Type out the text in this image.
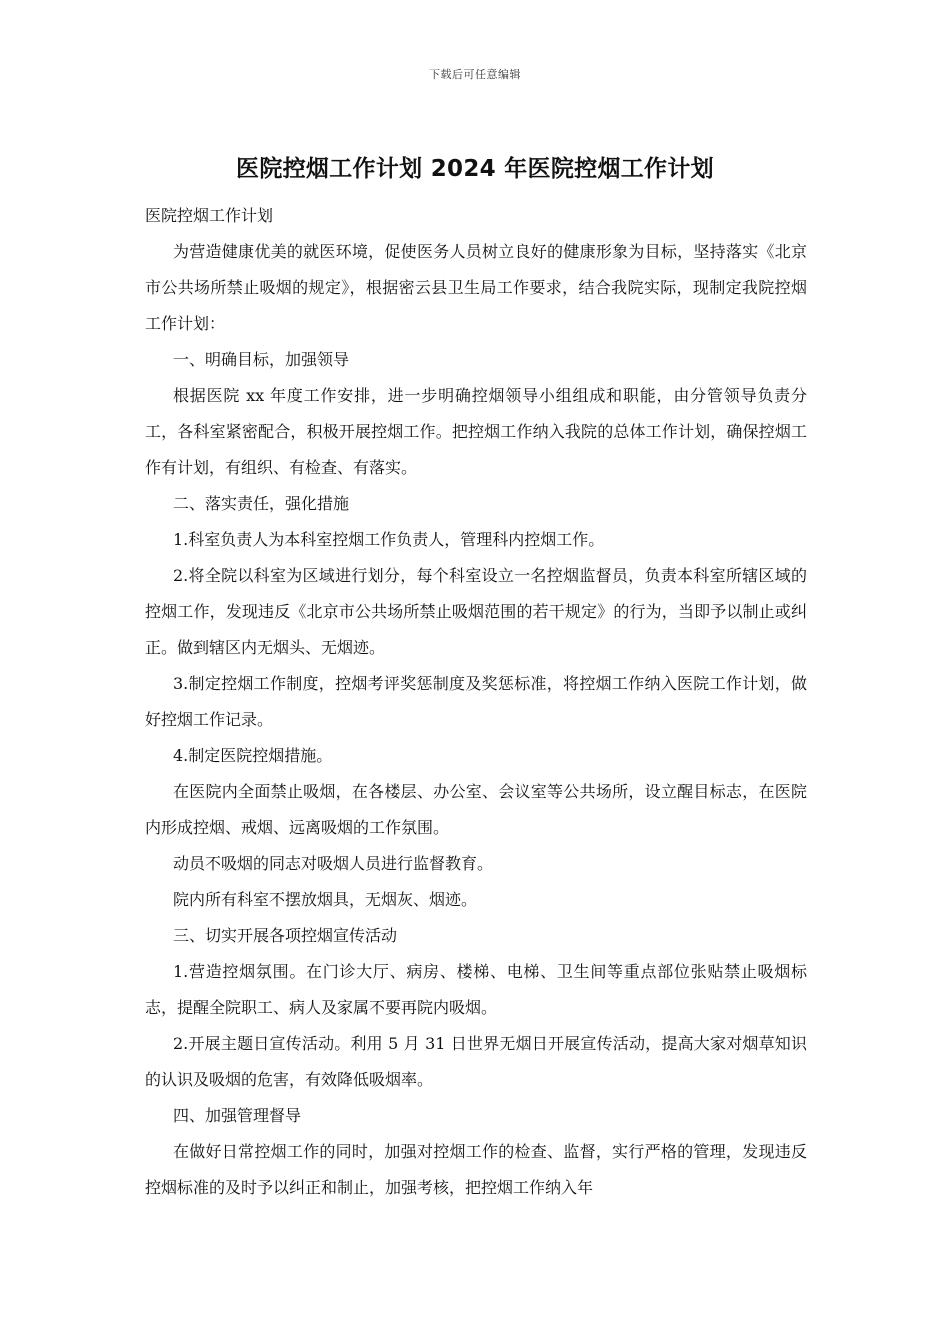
下载后可任意编辑
医院控烟工作计划 2024 年医院控烟工作计划

医院控烟工作计划

为营造健康优美的就医环境，促使医务人员树立良好的健康形象为目标，坚持落实《北京市公共场所禁止吸烟的规定》，根据密云县卫生局工作要求，结合我院实际，现制定我院控烟工作计划：

一、明确目标，加强领导

根据医院 xx 年度工作安排，进一步明确控烟领导小组组成和职能，由分管领导负责分工，各科室紧密配合，积极开展控烟工作。把控烟工作纳入我院的总体工作计划，确保控烟工作有计划，有组织、有检查、有落实。

二、落实责任，强化措施

1.科室负责人为本科室控烟工作负责人，管理科内控烟工作。

2.将全院以科室为区域进行划分，每个科室设立一名控烟监督员，负责本科室所辖区域的控烟工作，发现违反《北京市公共场所禁止吸烟范围的若干规定》的行为，当即予以制止或纠正。做到辖区内无烟头、无烟迹。

3.制定控烟工作制度，控烟考评奖惩制度及奖惩标准，将控烟工作纳入医院工作计划，做好控烟工作记录。

4.制定医院控烟措施。

在医院内全面禁止吸烟，在各楼层、办公室、会议室等公共场所，设立醒目标志，在医院内形成控烟、戒烟、远离吸烟的工作氛围。

动员不吸烟的同志对吸烟人员进行监督教育。

院内所有科室不摆放烟具，无烟灰、烟迹。

三、切实开展各项控烟宣传活动

1.营造控烟氛围。在门诊大厅、病房、楼梯、电梯、卫生间等重点部位张贴禁止吸烟标志，提醒全院职工、病人及家属不要再院内吸烟。

2.开展主题日宣传活动。利用 5 月 31 日世界无烟日开展宣传活动，提高大家对烟草知识的认识及吸烟的危害，有效降低吸烟率。

四、加强管理督导

在做好日常控烟工作的同时，加强对控烟工作的检查、监督，实行严格的管理，发现违反控烟标准的及时予以纠正和制止，加强考核，把控烟工作纳入年
